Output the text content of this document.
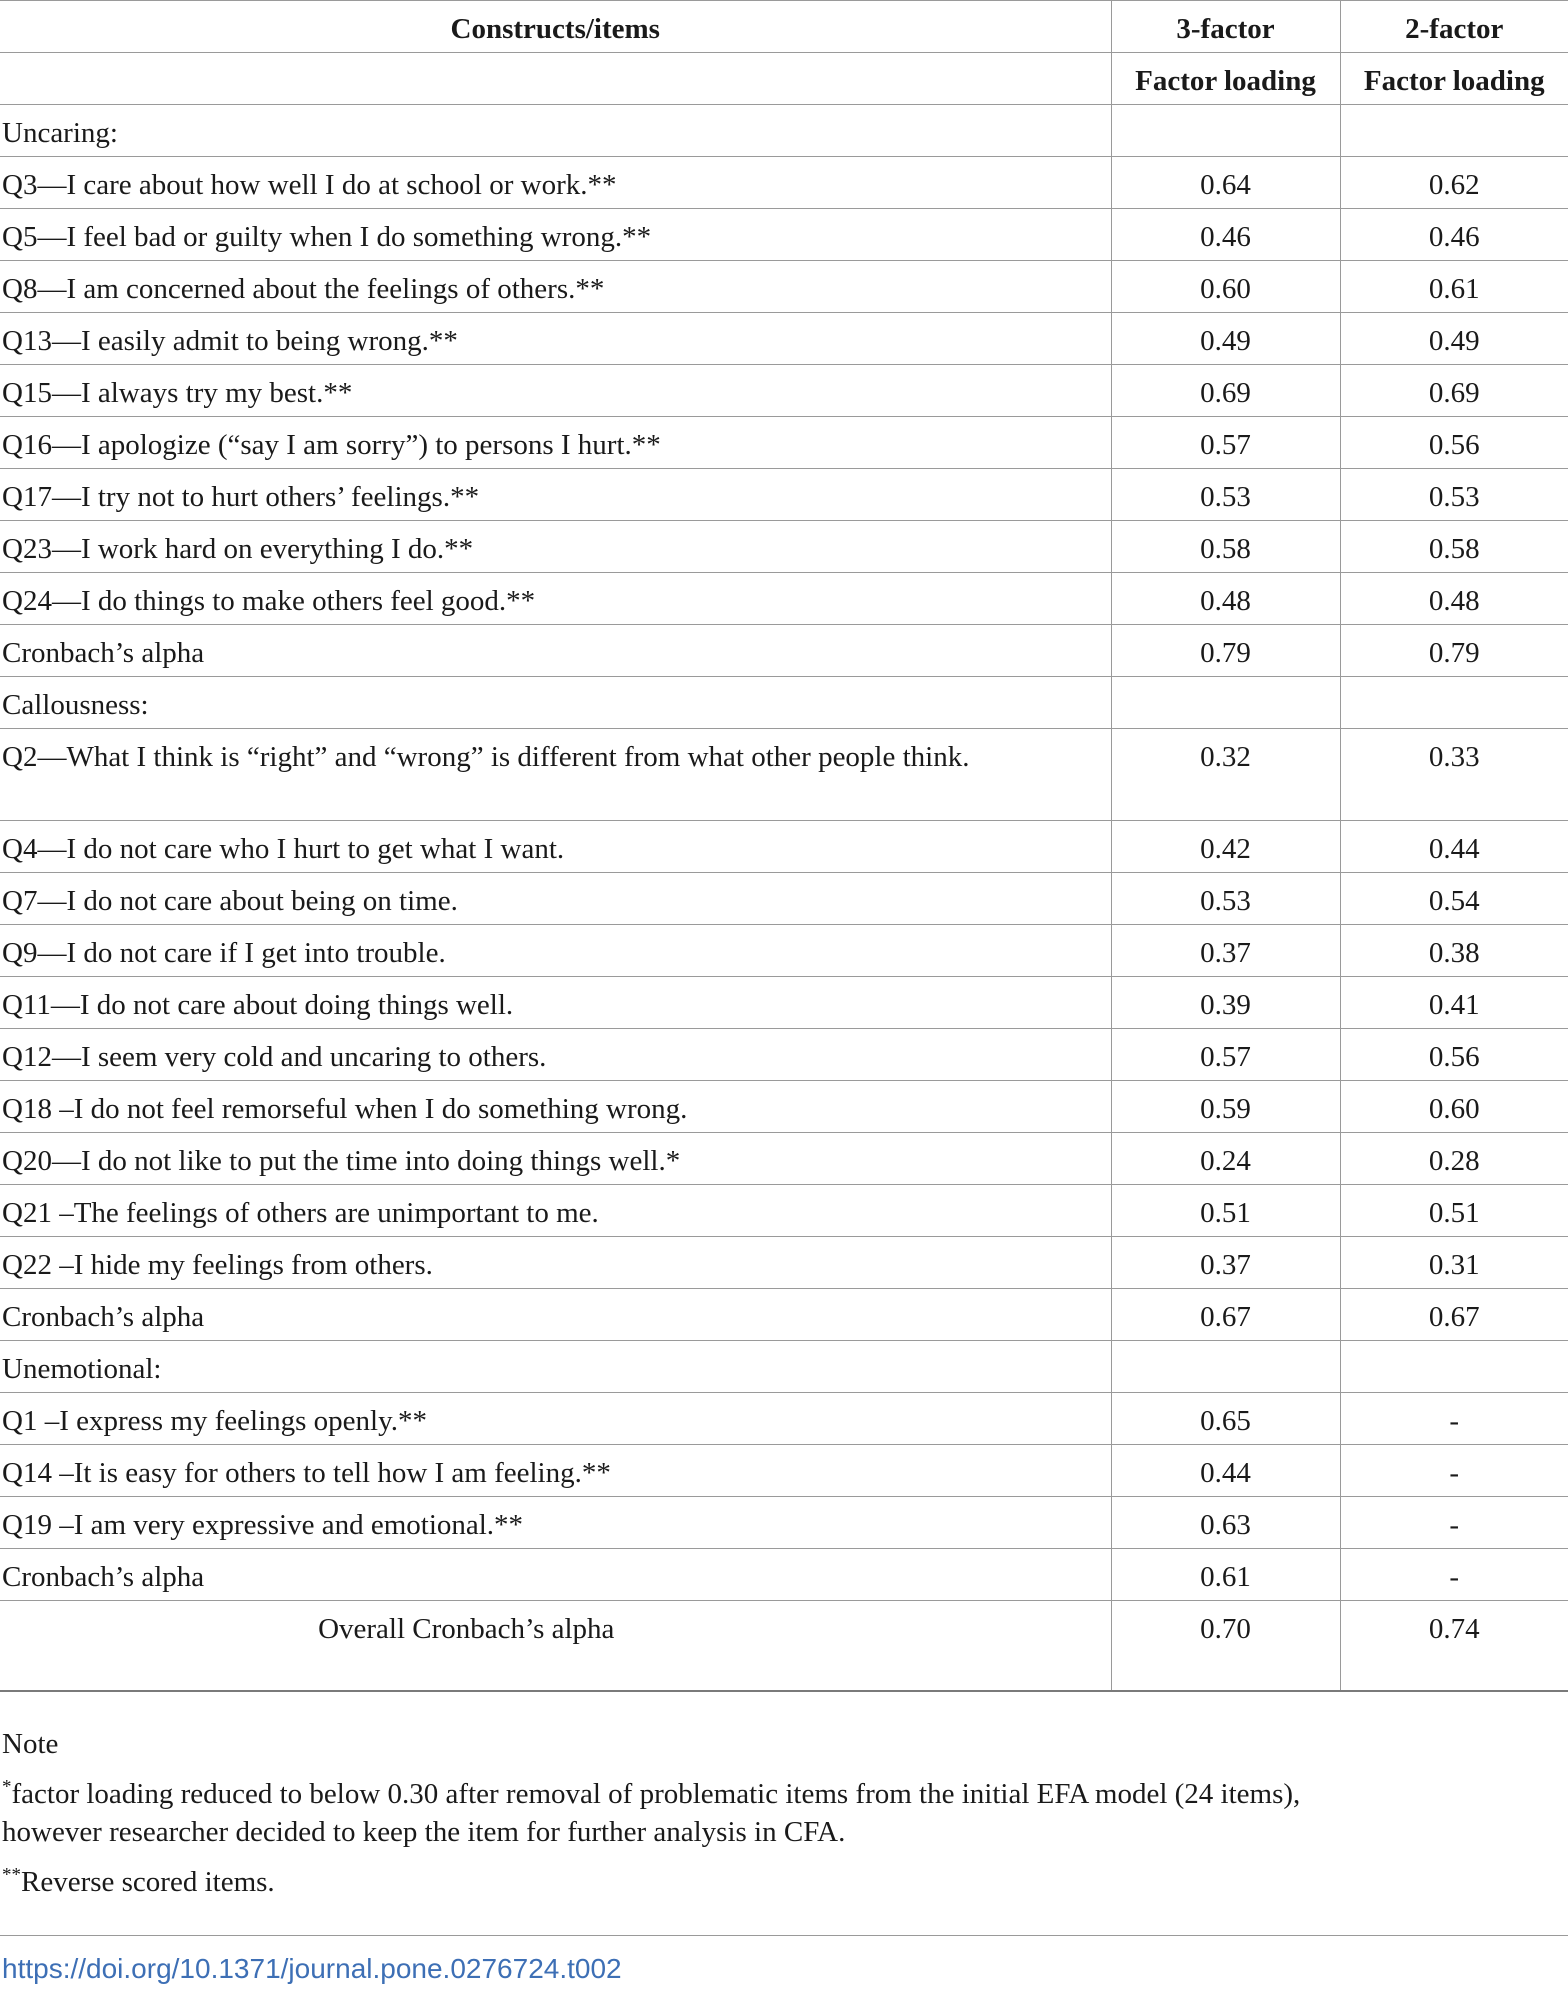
Constructs/items	3-factor	2-factor
	Factor loading	Factor loading
Uncaring:		
Q3—I care about how well I do at school or work.**	0.64	0.62
Q5—I feel bad or guilty when I do something wrong.**	0.46	0.46
Q8—I am concerned about the feelings of others.**	0.60	0.61
Q13—I easily admit to being wrong.**	0.49	0.49
Q15—I always try my best.**	0.69	0.69
Q16—I apologize (“say I am sorry”) to persons I hurt.**	0.57	0.56
Q17—I try not to hurt others’ feelings.**	0.53	0.53
Q23—I work hard on everything I do.**	0.58	0.58
Q24—I do things to make others feel good.**	0.48	0.48
Cronbach’s alpha	0.79	0.79
Callousness:		
Q2—What I think is “right” and “wrong” is different from what other people think.	0.32	0.33
Q4—I do not care who I hurt to get what I want.	0.42	0.44
Q7—I do not care about being on time.	0.53	0.54
Q9—I do not care if I get into trouble.	0.37	0.38
Q11—I do not care about doing things well.	0.39	0.41
Q12—I seem very cold and uncaring to others.	0.57	0.56
Q18 –I do not feel remorseful when I do something wrong.	0.59	0.60
Q20—I do not like to put the time into doing things well.*	0.24	0.28
Q21 –The feelings of others are unimportant to me.	0.51	0.51
Q22 –I hide my feelings from others.	0.37	0.31
Cronbach’s alpha	0.67	0.67
Unemotional:		
Q1 –I express my feelings openly.**	0.65	-
Q14 –It is easy for others to tell how I am feeling.**	0.44	-
Q19 –I am very expressive and emotional.**	0.63	-
Cronbach’s alpha	0.61	-
Overall Cronbach’s alpha	0.70	0.74
Note
*factor loading reduced to below 0.30 after removal of problematic items from the initial EFA model (24 items),
however researcher decided to keep the item for further analysis in CFA.
**Reverse scored items.
https://doi.org/10.1371/journal.pone.0276724.t002
